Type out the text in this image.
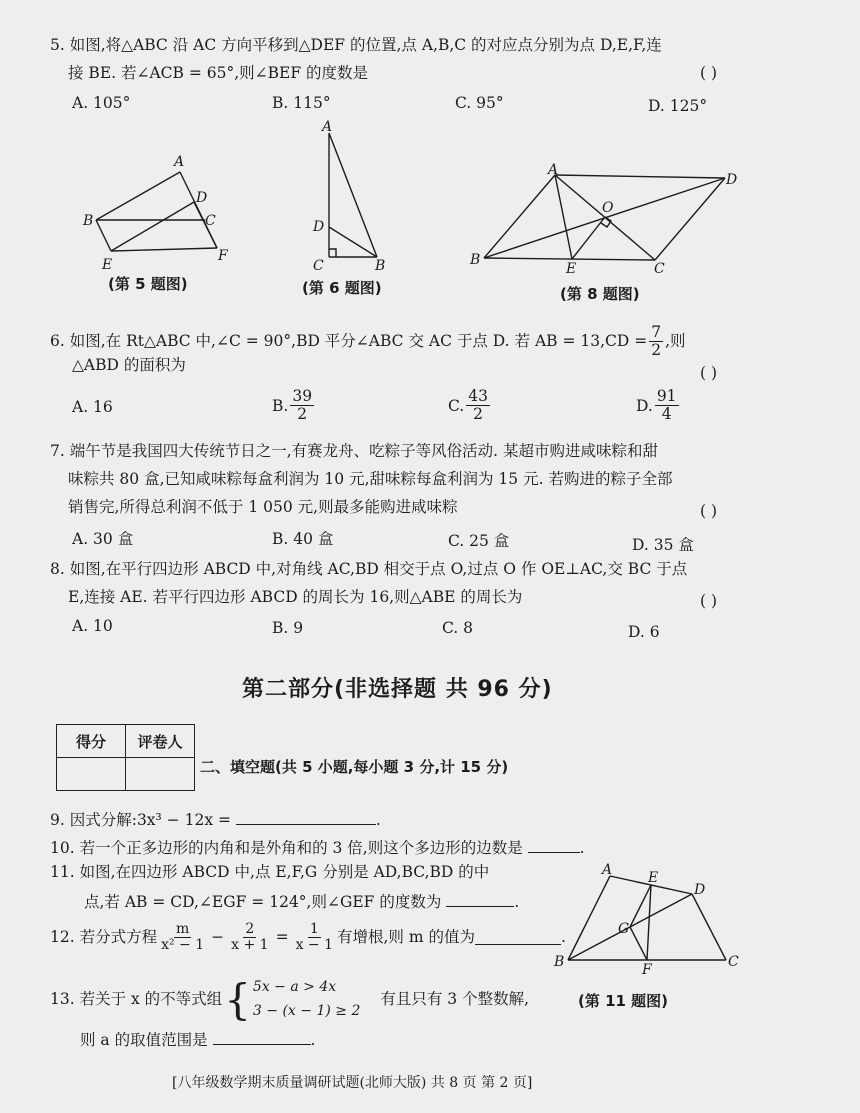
5. 如图,将△ABC 沿 AC 方向平移到△DEF 的位置,点 A,B,C 的对应点分别为点 D,E,F,连
接 BE. 若∠ACB = 65°,则∠BEF 的度数是	( )
A. 105°	B. 115°	C. 95°	D. 125°
A
B	C
D
E
F
(第 5 题图)
A
D
C	B
(第 6 题图)
A
D
B
C
E
O
(第 8 题图)
6. 如图,在 Rt△ABC 中,∠C = 90°,BD 平分∠ABC 交 AC 于点 D. 若 AB = $13,CD = \frac{7}{2}$ ,则
△ABD 的面积为	( )
A. 16	B. $\frac{39}{2}$	C. $\frac{43}{2}$	D. $\frac{91}{4}$
7. 端午节是我国四大传统节日之一,有赛龙舟、吃粽子等风俗活动. 某超市购进咸味粽和甜
味粽共 80 盒,已知咸味粽每盒利润为 10 元,甜味粽每盒利润为 15 元. 若购进的粽子全部
销售完,所得总利润不低于 1 050 元,则最多能购进咸味粽	( )
A. 30 盒	B. 40 盒	C. 25 盒	D. 35 盒
8. 如图,在平行四边形 ABCD 中,对角线 AC,BD 相交于点 O,过点 O 作 OE⊥AC,交 BC 于点
E,连接 AE. 若平行四边形 ABCD 的周长为 16,则△ABE 的周长为	( )
A. 10	B. 9	C. 8	D. 6
第二部分(非选择题 共 96 分)
得分	评卷人

二、填空题(共 5 小题,每小题 3 分,计 15 分)
9. 因式分解:3x³ − 12x =	.
10. 若一个正多边形的内角和是外角和的 3 倍,则这个多边形的边数是	.
11. 如图,在四边形 ABCD 中,点 E,F,G 分别是 AD,BC,BD 的中
点,若 AB = CD,∠EGF = 124°,则∠GEF 的度数为	.
A	E
D
G
B	F	C
(第 11 题图)
12. 若分式方程 $\frac{m}{\text{x² − 1}} - \frac{2}{x + 1} = \frac{1}{x - 1}$ 有增根,则 m 的值为	.
13. 若关于 x 的不等式组 { 5x − a > 4x
3 − (x − 1) ≥ 2
有且只有 3 个整数解,
则 a 的取值范围是	.
[八年级数学期末质量调研试题(北师大版) 共 8 页 第 2 页]
